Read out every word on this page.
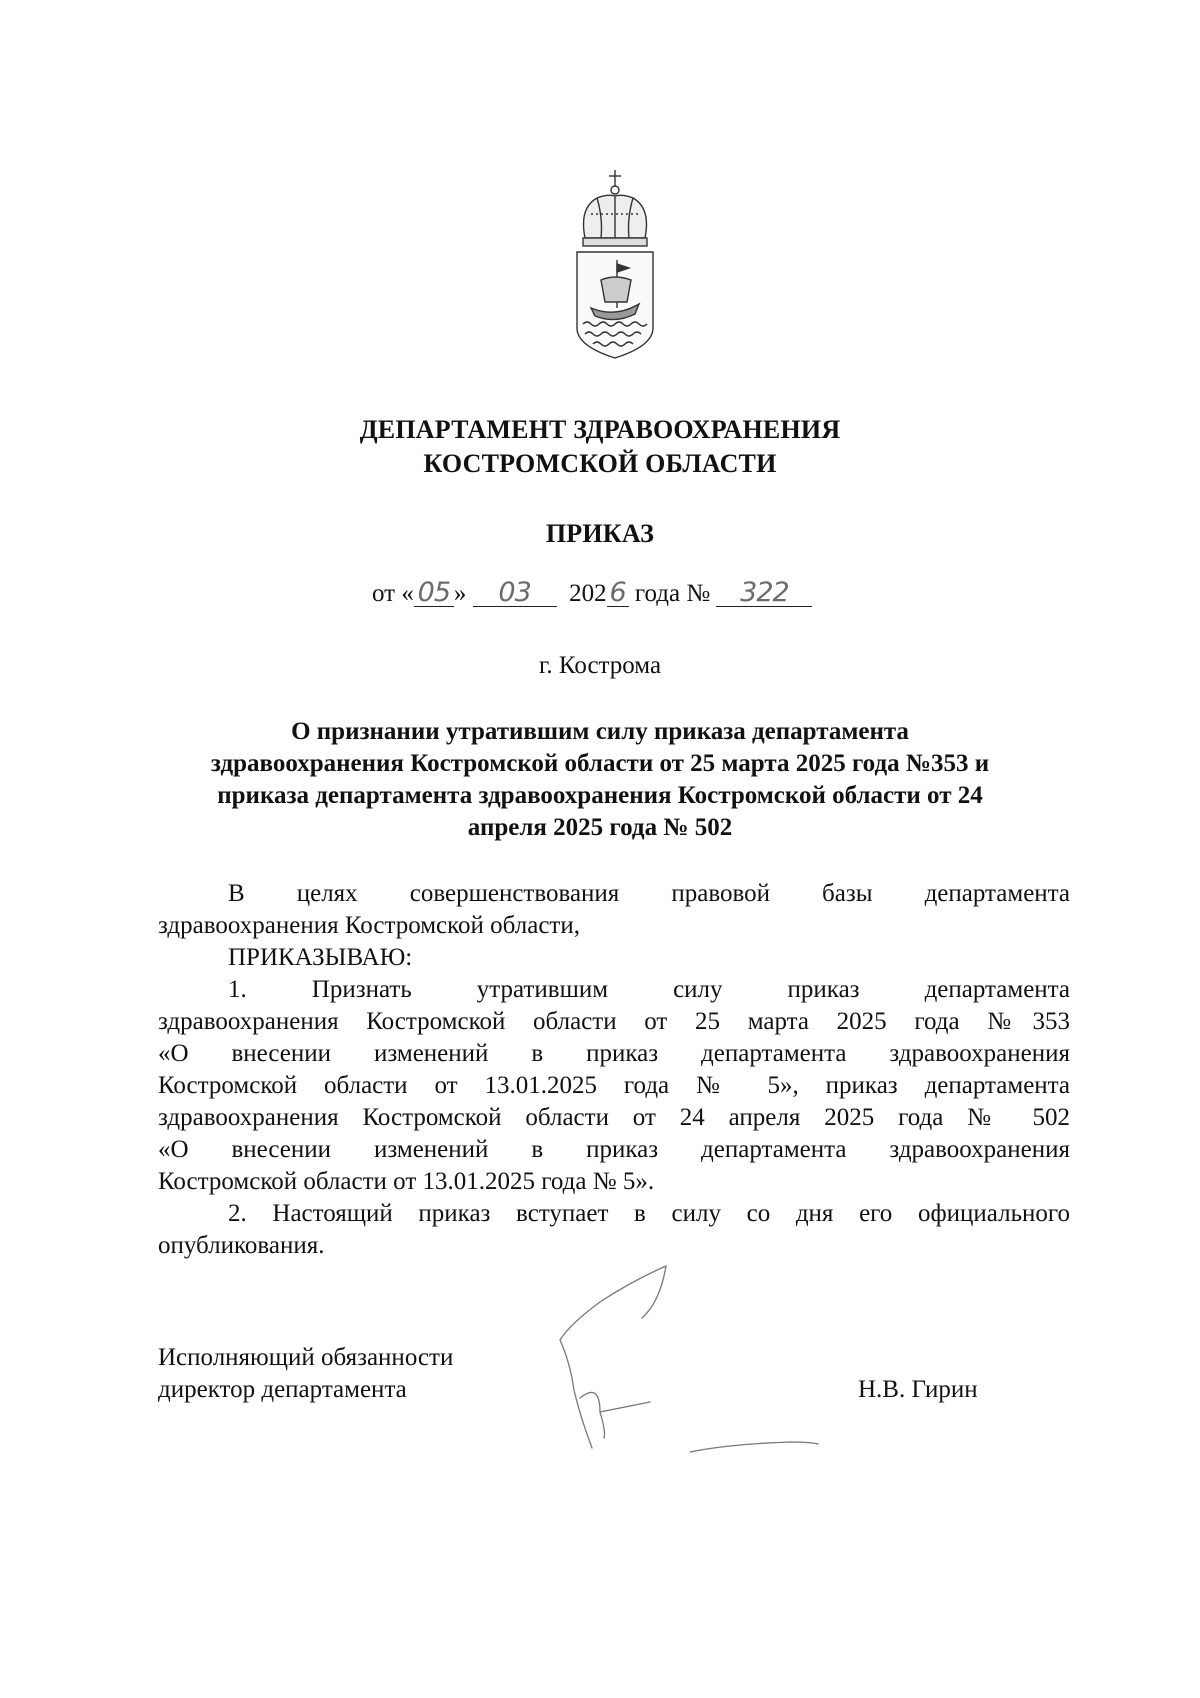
ДЕПАРТАМЕНТ ЗДРАВООХРАНЕНИЯ
КОСТРОМСКОЙ ОБЛАСТИ
ПРИКАЗ
от « 05 » 03 202 6 года № 322
г. Кострома
О признании утратившим силу приказа департамента
здравоохранения Костромской области от 25 марта 2025 года №353 и
приказа департамента здравоохранения Костромской области от 24
апреля 2025 года № 502
В целях совершенствования правовой базы департамента
здравоохранения Костромской области,
ПРИКАЗЫВАЮ:
1. Признать утратившим силу приказ департамента
здравоохранения Костромской области от 25 марта 2025 года №353
«О внесении изменений в приказ департамента здравоохранения
Костромской области от 13.01.2025 года № 5», приказ департамента
здравоохранения Костромской области от 24 апреля 2025 года № 502
«О внесении изменений в приказ департамента здравоохранения
Костромской области от 13.01.2025 года № 5».
2. Настоящий приказ вступает в силу со дня его официального
опубликования.
Исполняющий обязанности
директор департамента	Н.В. Гирин
